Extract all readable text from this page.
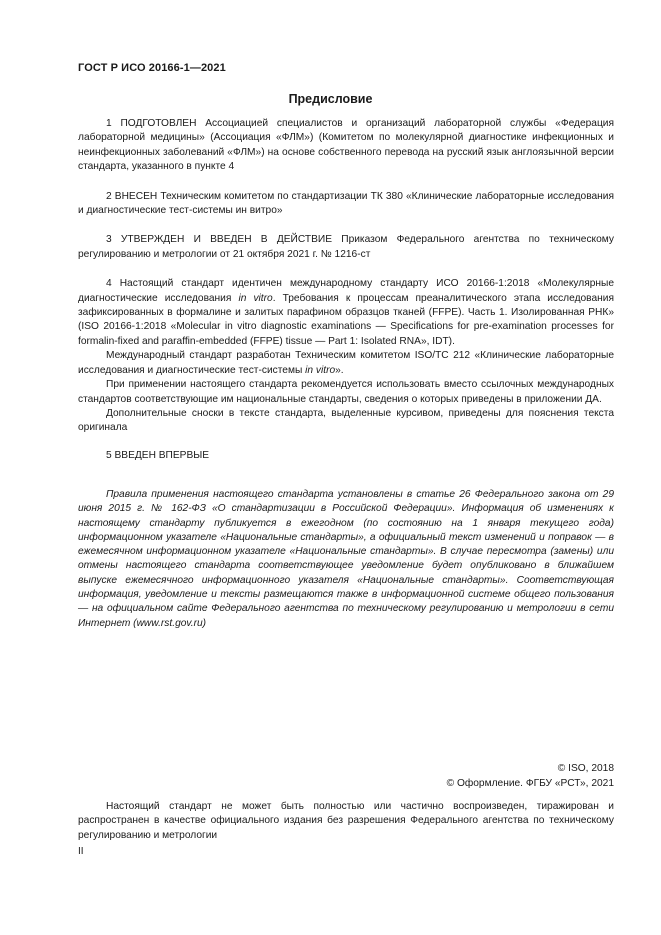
ГОСТ Р ИСО 20166-1—2021
Предисловие

1 ПОДГОТОВЛЕН Ассоциацией специалистов и организаций лабораторной службы «Федерация лабораторной медицины» (Ассоциация «ФЛМ») (Комитетом по молекулярной диагностике инфекционных и неинфекционных заболеваний «ФЛМ») на основе собственного перевода на русский язык англоязычной версии стандарта, указанного в пункте 4

2 ВНЕСЕН Техническим комитетом по стандартизации ТК 380 «Клинические лабораторные исследования и диагностические тест-системы ин витро»

3 УТВЕРЖДЕН И ВВЕДЕН В ДЕЙСТВИЕ Приказом Федерального агентства по техническому регулированию и метрологии от 21 октября 2021 г. № 1216-ст

4 Настоящий стандарт идентичен международному стандарту ИСО 20166-1:2018 «Молекулярные диагностические исследования in vitro. Требования к процессам преаналитического этапа исследования зафиксированных в формалине и залитых парафином образцов тканей (FFPE). Часть 1. Изолированная РНК» (ISO 20166-1:2018 «Molecular in vitro diagnostic examinations — Specifications for pre-examination processes for formalin-fixed and paraffin-embedded (FFPE) tissue — Part 1: Isolated RNA», IDT).

Международный стандарт разработан Техническим комитетом ISO/TC 212 «Клинические лабораторные исследования и диагностические тест-системы in vitro».

При применении настоящего стандарта рекомендуется использовать вместо ссылочных международных стандартов соответствующие им национальные стандарты, сведения о которых приведены в приложении ДА.

Дополнительные сноски в тексте стандарта, выделенные курсивом, приведены для пояснения текста оригинала

5 ВВЕДЕН ВПЕРВЫЕ

Правила применения настоящего стандарта установлены в статье 26 Федерального закона от 29 июня 2015 г. № 162-ФЗ «О стандартизации в Российской Федерации». Информация об изменениях к настоящему стандарту публикуется в ежегодном (по состоянию на 1 января текущего года) информационном указателе «Национальные стандарты», а официальный текст изменений и поправок — в ежемесячном информационном указателе «Национальные стандарты». В случае пересмотра (замены) или отмены настоящего стандарта соответствующее уведомление будет опубликовано в ближайшем выпуске ежемесячного информационного указателя «Национальные стандарты». Соответствующая информация, уведомление и тексты размещаются также в информационной системе общего пользования — на официальном сайте Федерального агентства по техническому регулированию и метрологии в сети Интернет (www.rst.gov.ru)

© ISO, 2018
© Оформление. ФГБУ «РСТ», 2021

Настоящий стандарт не может быть полностью или частично воспроизведен, тиражирован и распространен в качестве официального издания без разрешения Федерального агентства по техническому регулированию и метрологии

II
